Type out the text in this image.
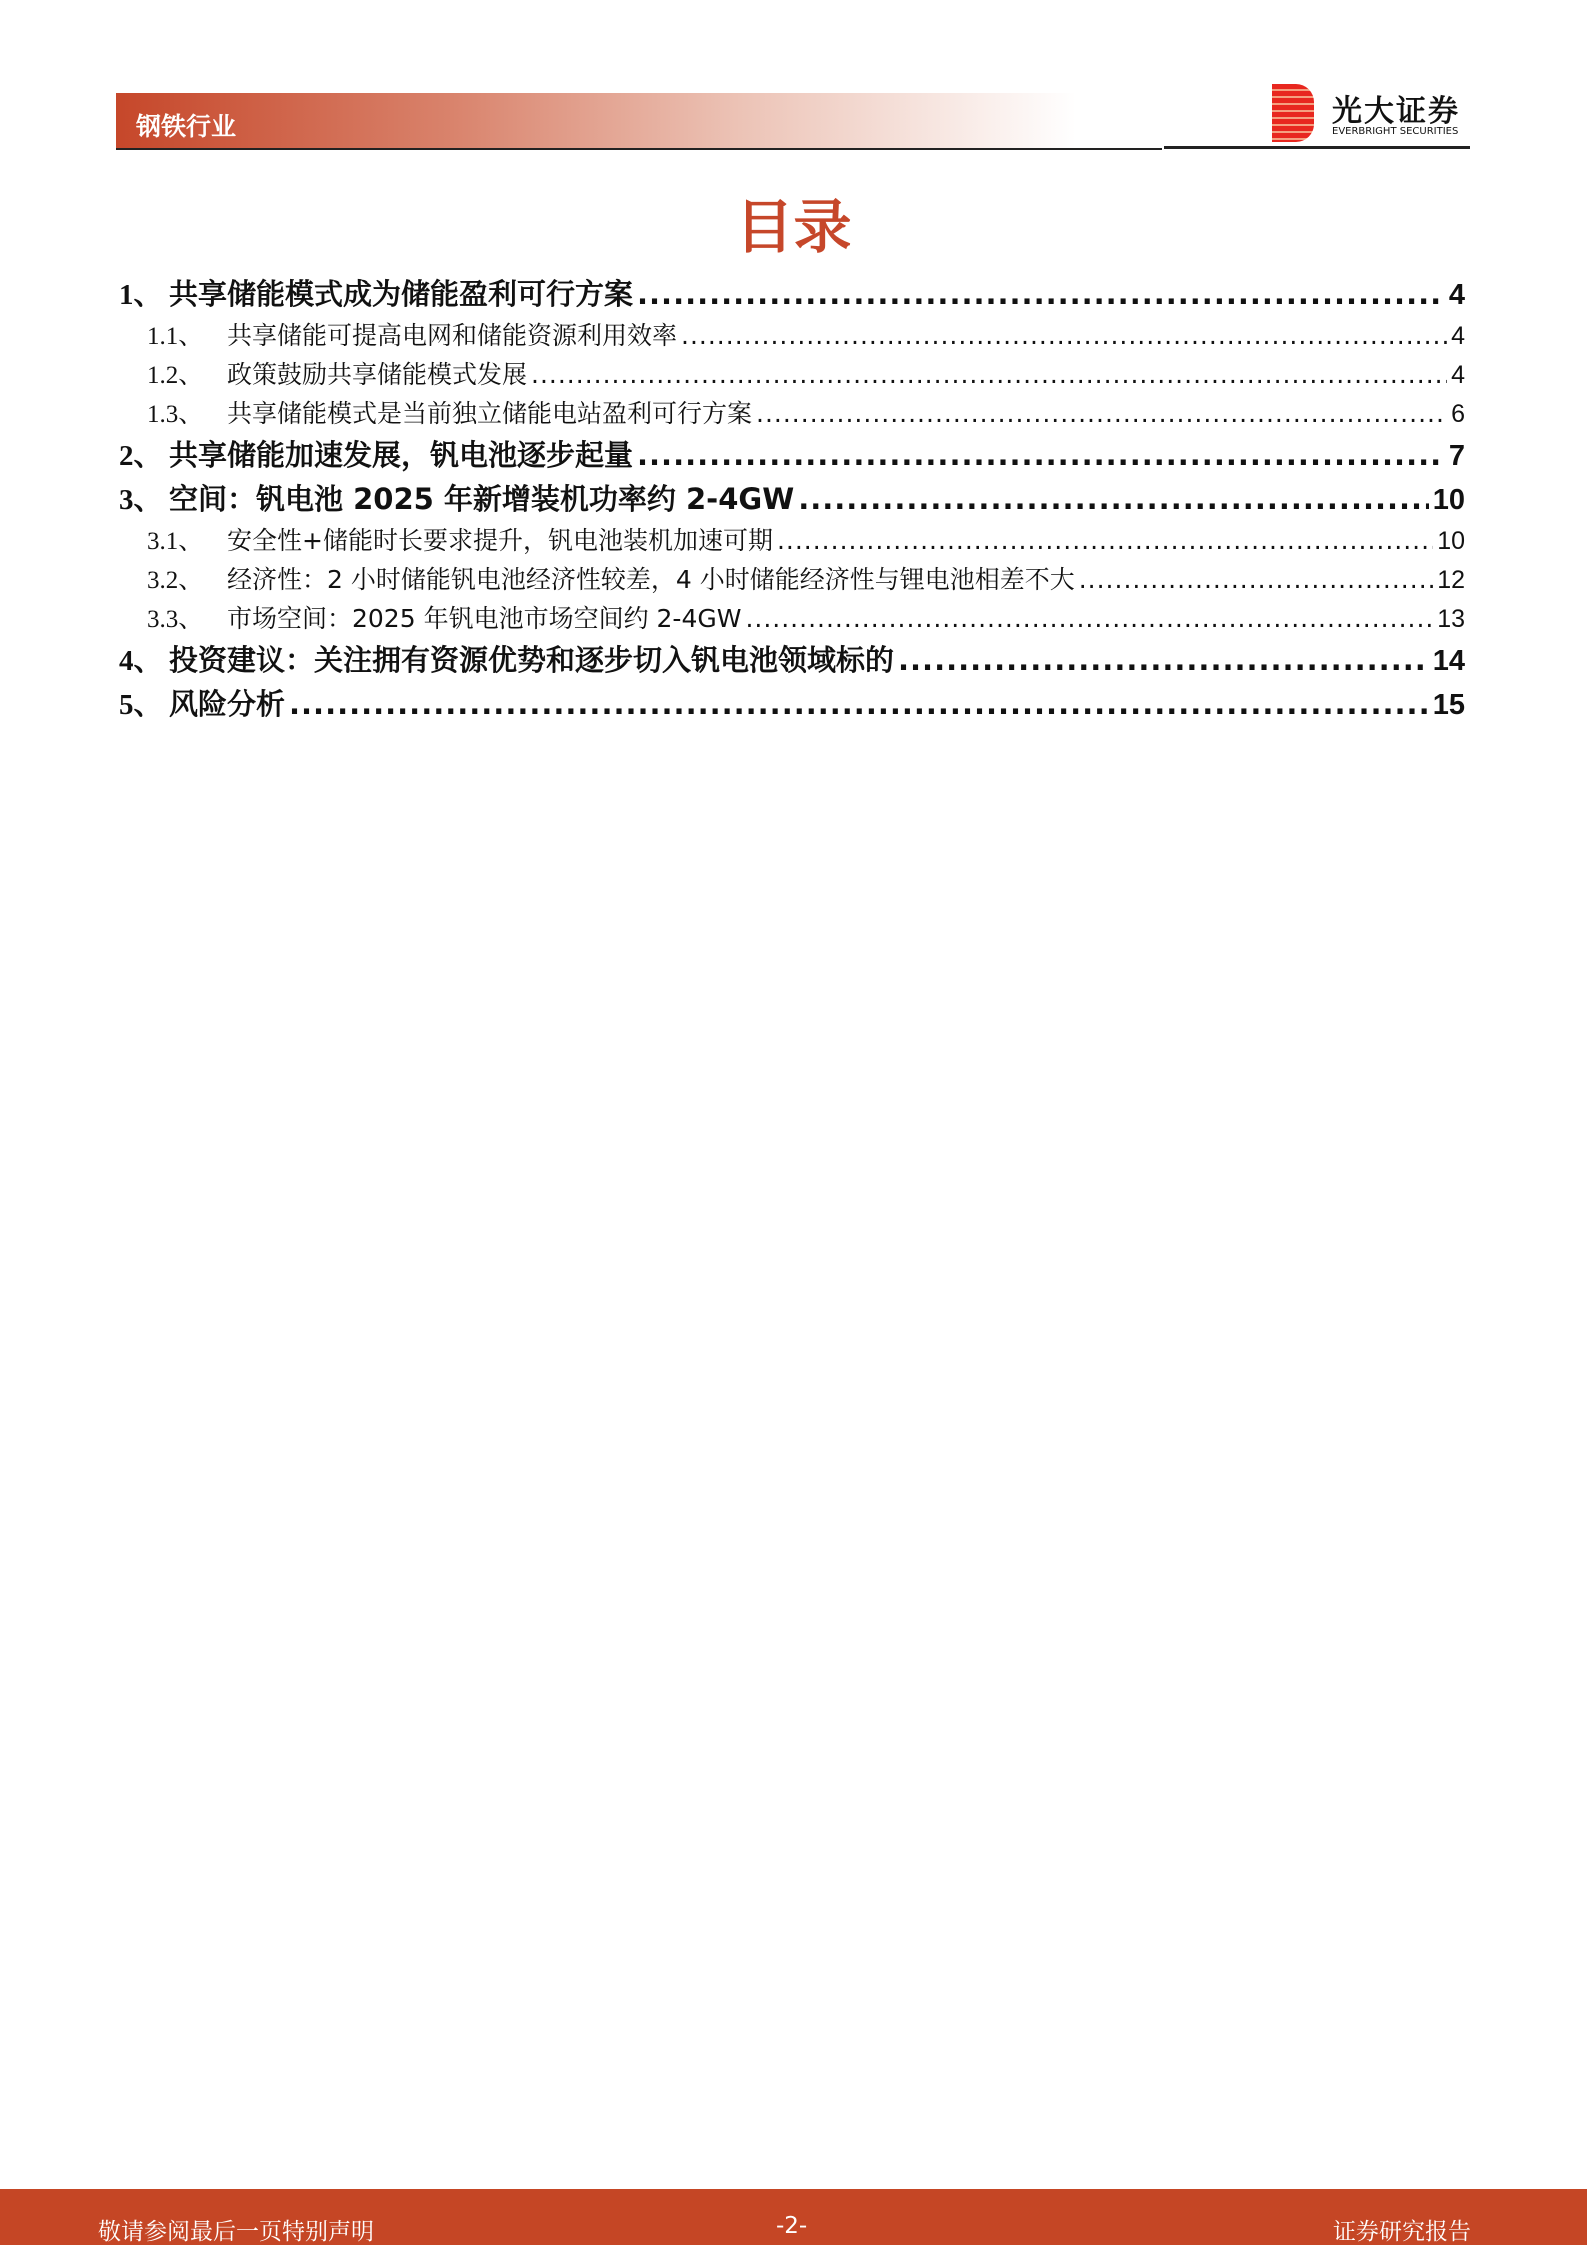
钢铁行业	光大证券
EVERBRIGHT SECURITIES
目录
1、 共享储能模式成为储能盈利可行方案 .....	4
1.1、 共享储能可提高电网和储能资源利用效率 .....	4
1.2、 政策鼓励共享储能模式发展 .....	4
1.3、 共享储能模式是当前独立储能电站盈利可行方案 .....	6
2、 共享储能加速发展，钒电池逐步起量 .....	7
3、 空间：钒电池 2025 年新增装机功率约 2-4GW .....	10
3.1、 安全性+储能时长要求提升，钒电池装机加速可期 .....	10
3.2、 经济性：2 小时储能钒电池经济性较差，4 小时储能经济性与锂电池相差不大 .....	12
3.3、 市场空间：2025 年钒电池市场空间约 2-4GW .....	13
4、 投资建议：关注拥有资源优势和逐步切入钒电池领域标的 .....	14
5、 风险分析 .....	15
敬请参阅最后一页特别声明	-2-	证券研究报告
